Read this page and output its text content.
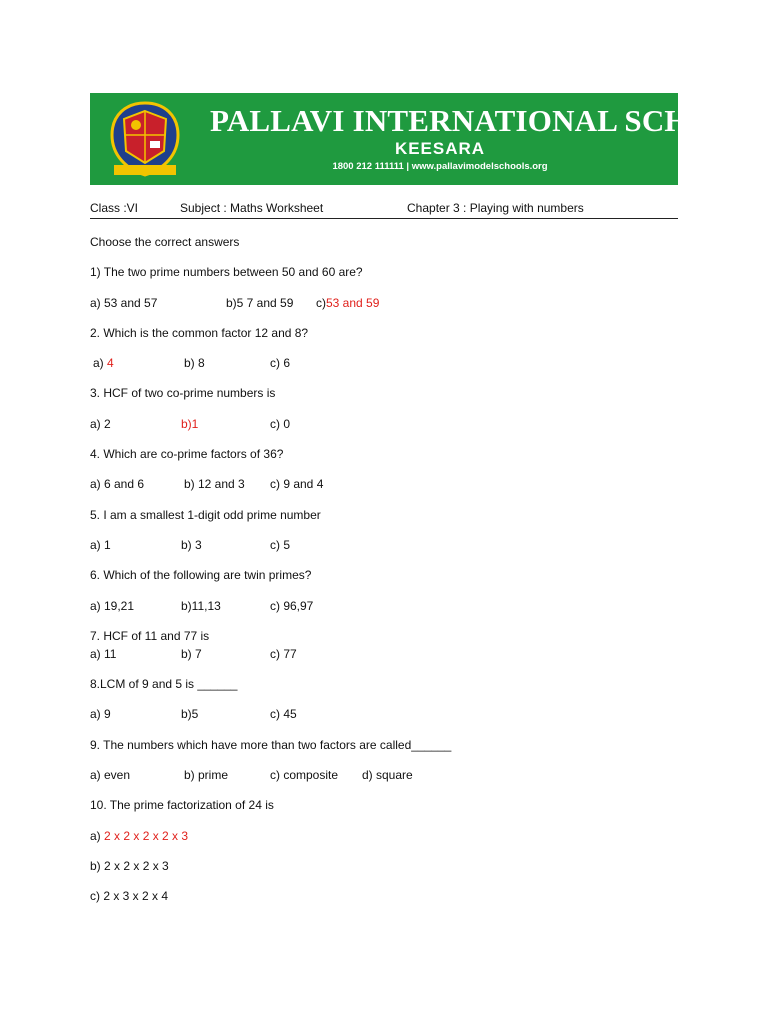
PALLAVI INTERNATIONAL SCHOOL
KEESARA
1800 212 111111 | www.pallavimodelschools.org
Class :VI	Subject : Maths Worksheet	Chapter 3 : Playing with numbers
Choose the correct answers
1) The two prime numbers between 50 and 60 are?
a) 53 and 57	b)5 7 and 59 c)53 and 59
2. Which is the common factor 12 and 8?
a) 4	b) 8	c) 6
3. HCF of two co-prime numbers is
a) 2	b)1	c) 0
4. Which are co-prime factors of 36?
a) 6 and 6	b) 12 and 3 c) 9 and 4
5. I am a smallest 1-digit odd prime number
a) 1	b) 3	c) 5
6. Which of the following are twin primes?
a) 19,21	b)11,13	c) 96,97
7. HCF of 11 and 77 is
a) 11	b) 7	c) 77
8.LCM of 9 and 5 is ______
a) 9	b)5	c) 45
9. The numbers which have more than two factors are called______
a) even	b) prime	c) composite d) square
10. The prime factorization of 24 is
a) 2 x 2 x 2 x 2 x 3
b) 2 x 2 x 2 x 3
c) 2 x 3 x 2 x 4
